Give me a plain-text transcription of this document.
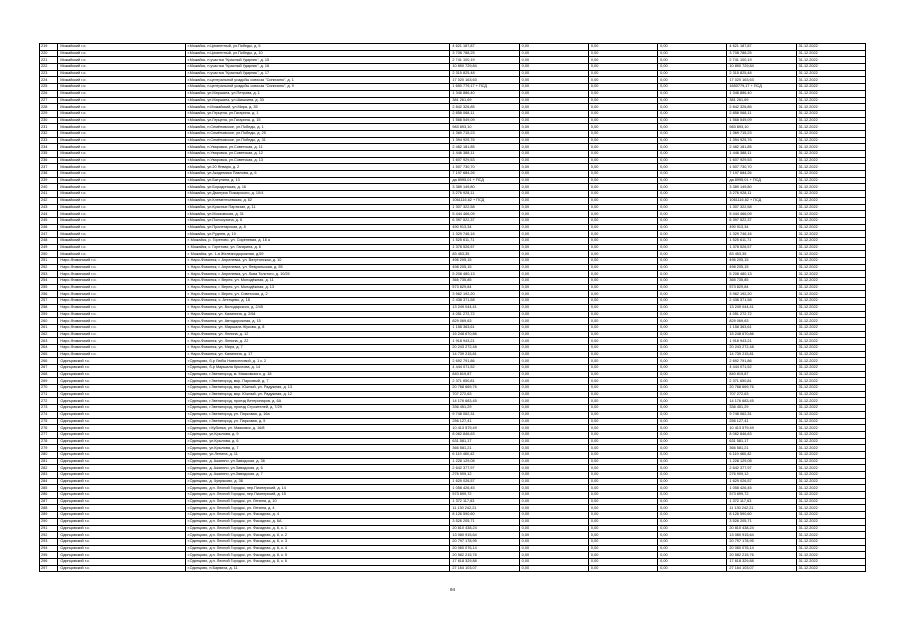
219	Можайский г.о.	г.Можайск, п.Цементный, ул.Победы, д. 5	4 621 187,87	0,00	0,00	0,00	4 621 187,87	31.12.2022
220	Можайский г.о.	г.Можайск, п.Цементный, ул.Победы, д. 10	3 708 788,25	0,00	0,00	0,00	3 708 788,25	31.12.2022
221	Можайский г.о.	г.Можайск, п.участка "Красный Ударник", д. 15	2 741 100,19	0,00	0,00	0,00	2 741 100,19	31.12.2022
222	Можайский г.о.	г.Можайск, п.участка "Красный Ударник", д. 16	10 890 729,84	0,00	0,00	0,00	10 890 729,84	31.12.2022
223	Можайский г.о.	г.Можайск, п.участка "Красный Ударник", д. 17	2 315 825,48	0,00	0,00	0,00	2 315 825,48	31.12.2022
224	Можайский г.о.	г.Можайск, п.центральной усадьбы совхоза "Синичино", д. 1	17 020 163,63	0,00	0,00	0,00	17 020 163,63	31.12.2022
225	Можайский г.о.	г.Можайск, п.центральной усадьбы совхоза "Синичино", д. 9	1 650 779,17 + ПСД	0,00	0,00	0,00	1650779,17 + ПСД	31.12.2022
226	Можайский г.о.	г.Можайск, ул.Маршала, ул.Петрова, д. 1	1 346 886,40	0,00	0,00	0,00	1 346 886,40	31.12.2022
227	Можайский г.о.	г.Можайск, ул.Маршала, ул.Шишкина, д. 33	381 261,69	0,00	0,00	0,00	381 261,69	31.12.2022
228	Можайский г.о.	г.Можайск, п.Можайский, ул.Мира, д. 35	2 842 326,85	0,00	0,00	0,00	2 842 326,85	31.12.2022
229	Можайский г.о.	г.Можайск, ул.Герцена, ул.Гагарина, д. 1	2 858 068,11	0,00	0,00	0,00	2 858 068,11	31.12.2022
230	Можайский г.о.	г.Можайск, ул.Герцена, ул.Гагарина, д. 15	1 568 549,09	0,00	0,00	0,00	1 568 549,09	31.12.2022
231	Можайский г.о.	г.Можайск, п.Семёновское, ул.Победы, д. 1	983 893,10	0,00	0,00	0,00	983 893,10	31.12.2022
232	Можайский г.о.	г.Можайск, п.Семёновское, ул.Победы, д. 25	1 369 715,23	0,00	0,00	0,00	1 369 715,23	31.12.2022
233	Можайский г.о.	г.Можайск, п.Семёновское, ул.Победы, д. 31	1 394 925,76	0,00	0,00	0,00	1 394 925,76	31.12.2022
234	Можайский г.о.	г.Можайск, п.Уваровка, ул.Советская, д. 11	2 482 181,85	0,00	0,00	0,00	2 482 181,85	31.12.2022
235	Можайский г.о.	г.Можайск, п.Уваровка, ул.Советская, д. 12	1 446 388,11	0,00	0,00	0,00	1 446 388,11	31.12.2022
236	Можайский г.о.	г.Можайск, п.Уваровка, ул.Советская, д. 13	1 607 929,53	0,00	0,00	0,00	1 607 929,53	31.12.2022
237	Можайский г.о.	г.Можайск, ул.20 Января, д. 2	1 507 730,70	0,00	0,00	0,00	1 507 730,70	31.12.2022
238	Можайский г.о.	г.Можайск, ул.Академика Павлова, д. 6	7 197 684,26	0,00	0,00	0,00	7 197 684,26	31.12.2022
239	Можайский г.о.	г.Можайск, ул.Батулина, д. 13	да 8995,01 + ПСД	0,00	0,00	0,00	да 8995,01 + ПСД	31.12.2022
240	Можайский г.о.	г.Можайск, ул.Бородинская, д. 16	3 389 149,80	0,00	0,00	0,00	3 389 149,80	31.12.2022
241	Можайский г.о.	г.Можайск, ул.Дмитрия Пожарского, д. 10/4	3 276 928,11	0,00	0,00	0,00	3 276 928,11	31.12.2022
242	Можайский г.о.	г.Можайск, ул.Клементьевская, д. 62	1061116,62 + ПСД	0,00	0,00	0,00	1061116,62 + ПСД	31.12.2022
243	Можайский г.о.	г.Можайск, ул.Красных Партизан, д. 11	1 307 322,58	0,00	0,00	0,00	1 307 322,58	31.12.2022
244	Можайский г.о.	г.Можайск, ул.Московская, д. 31	5 444 466,09	0,00	0,00	0,00	5 444 466,09	31.12.2022
245	Можайский г.о.	г.Можайск, ул.Полосухина, д. 6	6 397 522,37	0,00	0,00	0,00	6 397 522,37	31.12.2022
246	Можайский г.о.	г.Можайск, ул.Пролетарская, д. 8	490 913,34	0,00	0,00	0,00	490 913,34	31.12.2022
247	Можайский г.о.	г.Можайск, ул.Руднев, д. 10	1 329 746,16	0,00	0,00	0,00	1 329 746,16	31.12.2022
248	Можайский г.о.	г. Можайск, р. Горетово, ул. Сиреневая, д. 16 а	1 525 611,71	0,00	0,00	0,00	1 525 611,71	31.12.2022
249	Можайский г.о.	г. Можайск, с. Горетово, ул. Гагарина, д. 6	1 378 526,57	0,00	0,00	0,00	1 378 526,57	31.12.2022
250	Можайский г.о.	г. Можайск, ул. 1-я Железнодорожная, д.59	83 453,35	0,00	0,00	0,00	83 453,35	31.12.2022
251	Наро-Фоминский г.о.	г. Наро-Фоминск, г. Апрелевка, ул. Ватутинская, д. 10	496 205,15	0,00	0,00	0,00	496 205,15	31.12.2022
252	Наро-Фоминский г.о.	г. Наро-Фоминск, г. Апрелевка, ул. Февральская, д. 55	498 205,15	0,00	0,00	0,00	498 205,15	31.12.2022
253	Наро-Фоминский г.о.	г. Наро-Фоминск, г. Апрелевка, ул. Льва Толстого, д. 10/25	5 208 480,13	0,00	0,00	0,00	5 208 480,13	31.12.2022
254	Наро-Фоминский г.о.	г. Наро-Фоминск, г. Верея, ул. Молодёжная, д. 11	365 735,85	0,00	0,00	0,00	365 735,85	31.12.2022
255	Наро-Фоминский г.о.	г. Наро-Фоминск, г. Верея, ул. Молодёжная, д. 13	573 829,84	0,00	0,00	0,00	573 829,84	31.12.2022
256	Наро-Фоминский г.о.	г. Наро-Фоминск, г. Верея, ул. Советская, д. 2	3 962 192,20	0,00	0,00	0,00	3 962 192,20	31.12.2022
257	Наро-Фоминский г.о.	г. Наро-Фоминск, с. Атепцево, д. 18	2 438 371,58	0,00	0,00	0,00	2 438 371,58	31.12.2022
258	Наро-Фоминский г.о.	г. Наро-Фоминск, ул. Володарского, д. 2/45	13 249 044,41	0,00	0,00	0,00	13 249 044,41	31.12.2022
259	Наро-Фоминский г.о.	г. Наро-Фоминск, ул. Калинина, д. 2/64	4 051 272,72	0,00	0,00	0,00	4 051 272,72	31.12.2022
260	Наро-Фоминский г.о.	г. Наро-Фоминск, ул. Автодорожная, д. 15	829 069,63	0,00	0,00	0,00	829 069,63	31.12.2022
261	Наро-Фоминский г.о.	г. Наро-Фоминск, ул. Маршала Жукова, д. 8	1 158 363,61	0,00	0,00	0,00	1 158 363,61	31.12.2022
262	Наро-Фоминский г.о.	г. Наро-Фоминск, ул. Ленина, д. 12	15 248 670,86	0,00	0,00	0,00	15 248 670,86	31.12.2022
263	Наро-Фоминский г.о.	г. Наро-Фоминск, ул. Ленина, д. 22	1 918 943,21	0,00	0,00	0,00	1 918 943,21	31.12.2022
264	Наро-Фоминский г.о.	г. Наро-Фоминск, ул. Мира, д. 7	20 243 272,48	0,00	0,00	0,00	20 243 272,48	31.12.2022
265	Наро-Фоминский г.о.	г. Наро-Фоминск, ул. Калинина, д. 17	14 739 215,81	0,00	0,00	0,00	14 739 215,81	31.12.2022
266	Одинцовский г.о.	г.Одинцово, б-р Любы Новоселовой, д. 1 к. 2	2 692 791,86	0,00	0,00	0,00	2 692 791,86	31.12.2022
267	Одинцовский г.о.	г.Одинцово, б-р Маршала Крылова, д. 14	4 444 071,52	0,00	0,00	0,00	4 444 071,52	31.12.2022
268	Одинцовский г.о.	г.Одинцово, г.Звенигород, м. Маяковского, д. 18	840 819,87	0,00	0,00	0,00	840 819,87	31.12.2022
269	Одинцовский г.о.	г.Одинцово, г.Звенигород, мкр. Парковый, д. 7	2 371 650,81	0,00	0,00	0,00	2 371 650,81	31.12.2022
270	Одинцовский г.о.	г.Одинцово, г.Звенигород, мкр. Южный, ул. Радужная, д. 13	20 768 669,76	0,00	0,00	0,00	20 768 669,76	31.12.2022
271	Одинцовский г.о.	г.Одинцово, г.Звенигород, мкр. Южный, ул. Радужная, д. 12	707 272,63	0,00	0,00	0,00	707 272,63	31.12.2022
272	Одинцовский г.о.	г.Одинцово, г.Звенигород, проезд Ветеринаров, д. 6А	14 176 683,45	0,00	0,00	0,00	14 176 683,45	31.12.2022
273	Одинцовский г.о.	г.Одинцово, г.Звенигород, проезд Строителей, д. 7/29	336 451,29	0,00	0,00	0,00	336 451,29	31.12.2022
274	Одинцовский г.о.	г.Одинцово, г.Звенигород, ул. Парковая, д. 16а	9 748 062,31	0,00	0,00	0,00	9 748 062,31	31.12.2022
275	Одинцовский г.о.	г.Одинцово, г.Звенигород, ул. Парковая, д. 5	256 127,41	0,00	0,00	0,00	256 127,41	31.12.2022
276	Одинцовский г.о.	г.Одинцово, г.Кубинка, ул. Маяковск, д. 16/8	10 413 579,49	0,00	0,00	0,00	10 413 579,49	31.12.2022
277	Одинцовский г.о.	г.Одинцово, ул.Крылова, д. 9	8 062 846,63	0,00	0,00	0,00	8 062 846,63	31.12.2022
278	Одинцовский г.о.	г.Одинцово, ул.Крылова, д. 6	631 581,17	0,00	0,00	0,00	631 581,17	31.12.2022
279	Одинцовский г.о.	г.Одинцово, ул.Крылова, д. 7	366 581,21	0,00	0,00	0,00	366 581,21	31.12.2022
280	Одинцовский г.о.	г.Одинцово, ул.Ленина, д. 11	6 119 480,42	0,00	0,00	0,00	6 119 480,42	31.12.2022
281	Одинцовский г.о.	г.Одинцово, д. Ажагино, ул.Заводская, д. 36	1 228 129,08	0,00	0,00	0,00	1 228 129,08	31.12.2022
282	Одинцовский г.о.	г.Одинцово, д. Ажагино, ул.Заводская, д. 6	2 642 377,97	0,00	0,00	0,00	2 642 377,97	31.12.2022
283	Одинцовский г.о.	г.Одинцово, д. Ажагино, ул.Заводская, д. 7	276 909,12	0,00	0,00	0,00	276 909,12	31.12.2022
284	Одинцовский г.о.	г.Одинцово, д. Чупряково, д. 36	1 629 026,57	0,00	0,00	0,00	1 629 026,57	31.12.2022
285	Одинцовский г.о.	г.Одинцово, д.п. Лесной Городок, пер.Пионерский, д. 14	1 058 426,45	0,00	0,00	0,00	1 058 426,45	31.12.2022
286	Одинцовский г.о.	г.Одинцово, д.п. Лесной Городок, пер.Пионерский, д. 15	573 899,72	0,00	0,00	0,00	573 899,72	31.12.2022
287	Одинцовский г.о.	г.Одинцово, д.п. Лесной Городок, ул. Ленина, д. 10	1 372 117,63	0,00	0,00	0,00	1 372 117,63	31.12.2022
288	Одинцовский г.о.	г.Одинцово, д.п. Лесной Городок, ул. Ленина, д. 4	11 130 242,21	0,00	0,00	0,00	11 130 242,21	31.12.2022
289	Одинцовский г.о.	г.Одинцово, д.п. Лесной Городок, ул. Фасадная, д. 4	8 126 590,60	0,00	0,00	0,00	8 126 590,60	31.12.2022
290	Одинцовский г.о.	г.Одинцово, д.п. Лесной Городок, ул. Фасадная, д. 6А	3 526 205,71	0,00	0,00	0,00	3 526 205,71	31.12.2022
291	Одинцовский г.о.	г.Одинцово, д.п. Лесной Городок, ул. Фасадная, д. 6, к. 1	20 810 438,24	0,00	0,00	0,00	20 810 438,24	31.12.2022
292	Одинцовский г.о.	г.Одинцово, д.п. Лесной Городок, ул. Фасадная, д. 6, к. 2	13 080 915,64	0,00	0,00	0,00	13 080 915,64	31.12.2022
293	Одинцовский г.о.	г.Одинцово, д.п. Лесной Городок, ул. Фасадная, д. 6, к. 3	20 797 178,95	0,00	0,00	0,00	20 797 178,95	31.12.2022
294	Одинцовский г.о.	г.Одинцово, д.п. Лесной Городок, ул. Фасадная, д. 6, к. 4	20 060 076,14	0,00	0,00	0,00	20 060 076,14	31.12.2022
295	Одинцовский г.о.	г.Одинцово, д.п. Лесной Городок, ул. Фасадная, д. 6, к. 5	20 582 215,76	0,00	0,00	0,00	20 582 215,76	31.12.2022
296	Одинцовский г.о.	г.Одинцово, д.п. Лесной Городок, ул. Фасадная, д. 6, к. 6	17 618 329,88	0,00	0,00	0,00	17 618 329,88	31.12.2022
297	Одинцовский г.о.	г.Одинцово, п.Барвиха, д. 11	27 164 103,07	0,00	0,00	0,00	27 164 103,07	31.12.2022
94
